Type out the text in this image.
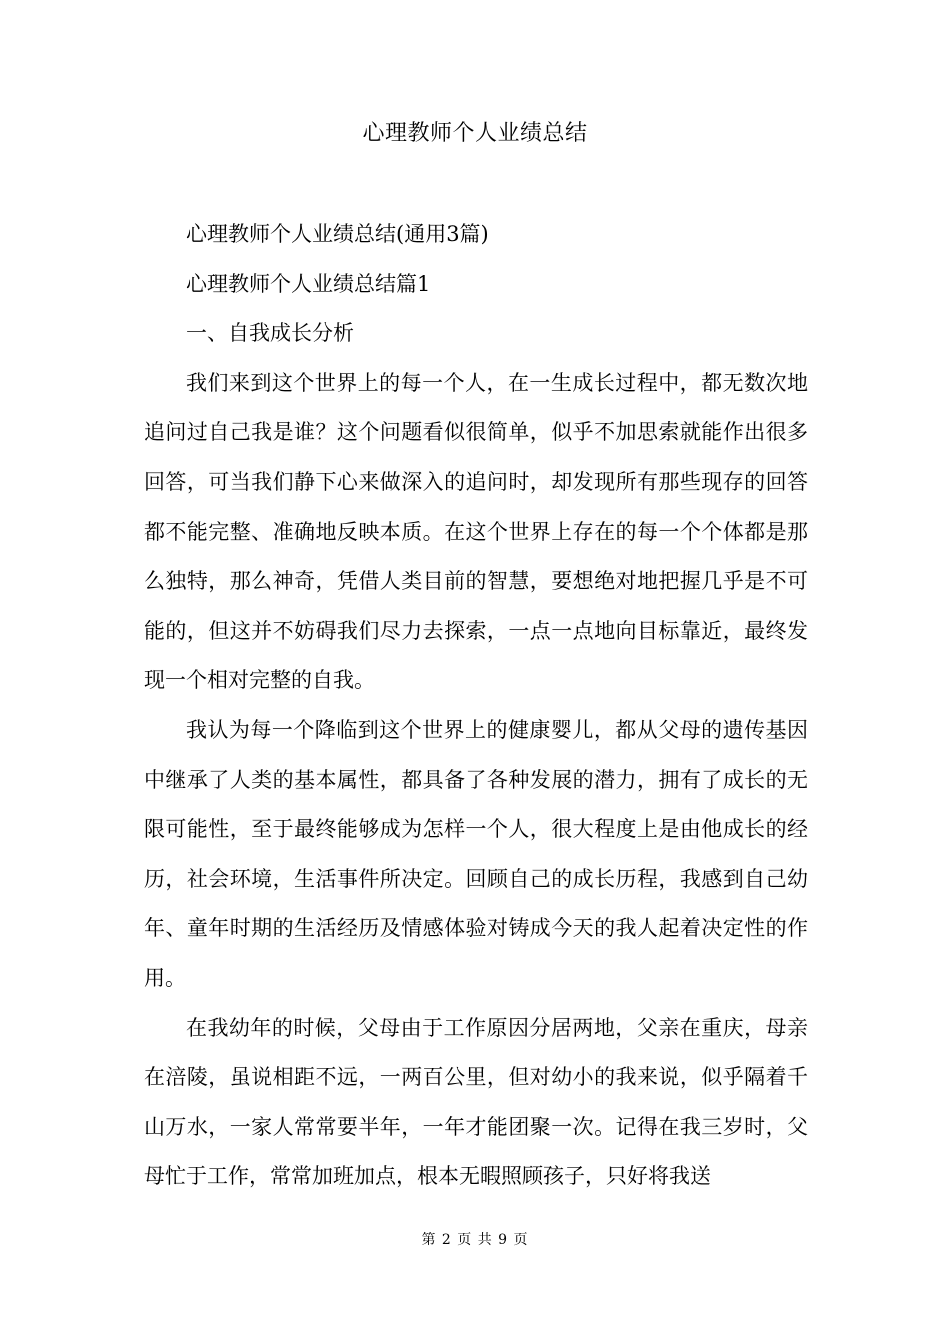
心理教师个人业绩总结

心理教师个人业绩总结(通用3篇)

心理教师个人业绩总结篇1

一、自我成长分析

我们来到这个世界上的每一个人，在一生成长过程中，都无数次地追问过自己我是谁？这个问题看似很简单，似乎不加思索就能作出很多回答，可当我们静下心来做深入的追问时，却发现所有那些现存的回答都不能完整、准确地反映本质。在这个世界上存在的每一个个体都是那么独特，那么神奇，凭借人类目前的智慧，要想绝对地把握几乎是不可能的，但这并不妨碍我们尽力去探索，一点一点地向目标靠近，最终发现一个相对完整的自我。

我认为每一个降临到这个世界上的健康婴儿，都从父母的遗传基因中继承了人类的基本属性，都具备了各种发展的潜力，拥有了成长的无限可能性，至于最终能够成为怎样一个人，很大程度上是由他成长的经历，社会环境，生活事件所决定。回顾自己的成长历程，我感到自己幼年、童年时期的生活经历及情感体验对铸成今天的我人起着决定性的作用。

在我幼年的时候，父母由于工作原因分居两地，父亲在重庆，母亲在涪陵，虽说相距不远，一两百公里，但对幼小的我来说，似乎隔着千山万水，一家人常常要半年，一年才能团聚一次。记得在我三岁时，父母忙于工作，常常加班加点，根本无暇照顾孩子，只好将我送

第 2 页 共 9 页
